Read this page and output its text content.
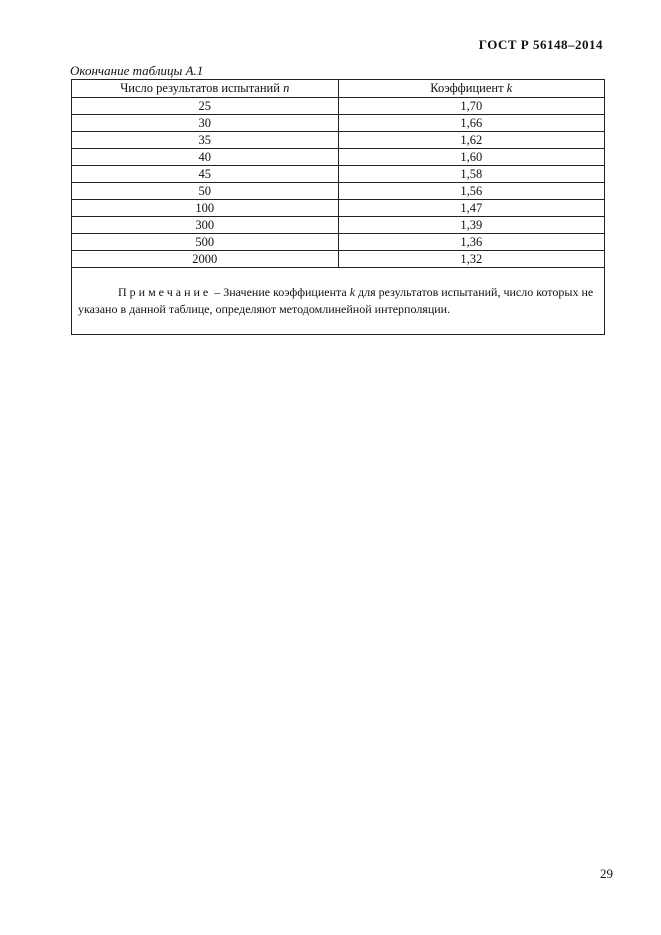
ГОСТ Р 56148–2014
Окончание таблицы А.1
Число результатов испытаний n	Коэффициент k
25	1,70
30	1,66
35	1,62
40	1,60
45	1,58
50	1,56
100	1,47
300	1,39
500	1,36
2000	1,32
Примечание – Значение коэффициента k для результатов испытаний, число которых не указано в данной таблице, определяют методомлинейной интерполяции.	
29
